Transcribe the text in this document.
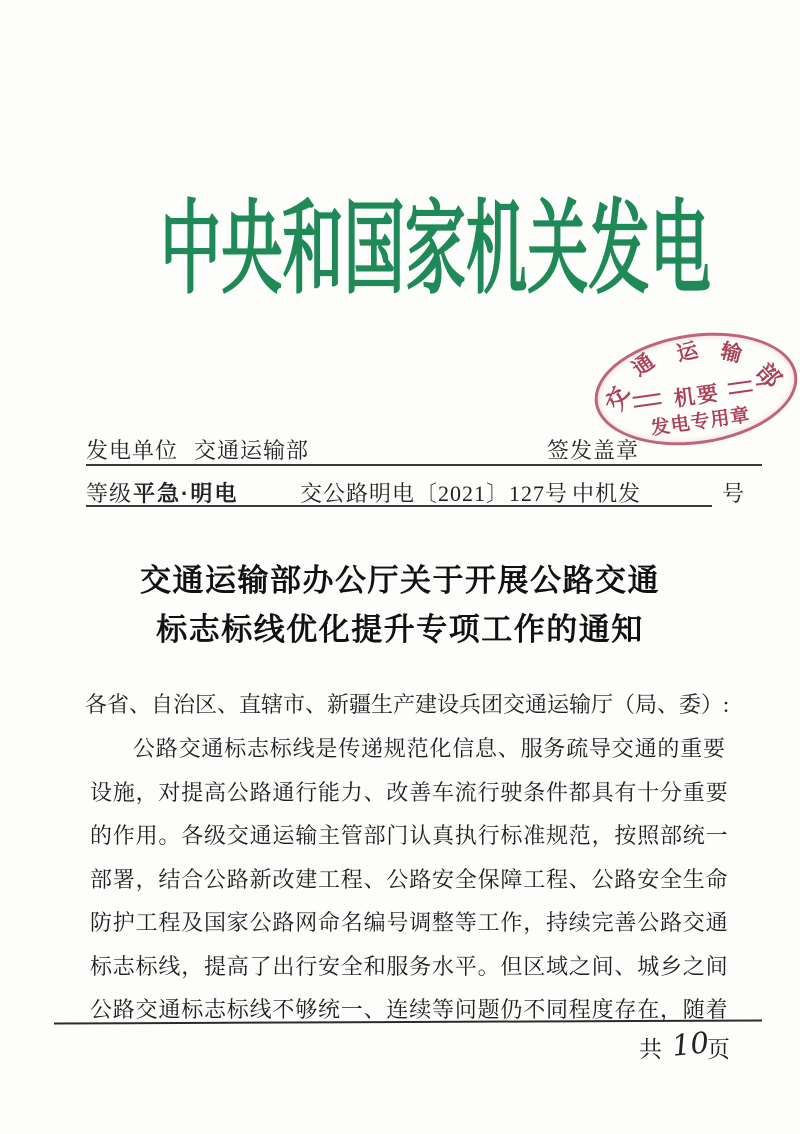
中央和国家机关发电
交
通 运 输
部
机要
发电专用章
发电单位 交通运输部	签发盖章
等级 平急·明电	交公路明电〔2021〕127号 中机发	号
交通运输部办公厅关于开展公路交通
标志标线优化提升专项工作的通知
各省、自治区、直辖市、新疆生产建设兵团交通运输厅（局、委）:
公路交通标志标线是传递规范化信息、服务疏导交通的重要
设施，对提高公路通行能力、改善车流行驶条件都具有十分重要
的作用。各级交通运输主管部门认真执行标准规范，按照部统一
部署，结合公路新改建工程、公路安全保障工程、公路安全生命
防护工程及国家公路网命名编号调整等工作，持续完善公路交通
标志标线，提高了出行安全和服务水平。但区域之间、城乡之间
公路交通标志标线不够统一、连续等问题仍不同程度存在，随着
共 10
页
